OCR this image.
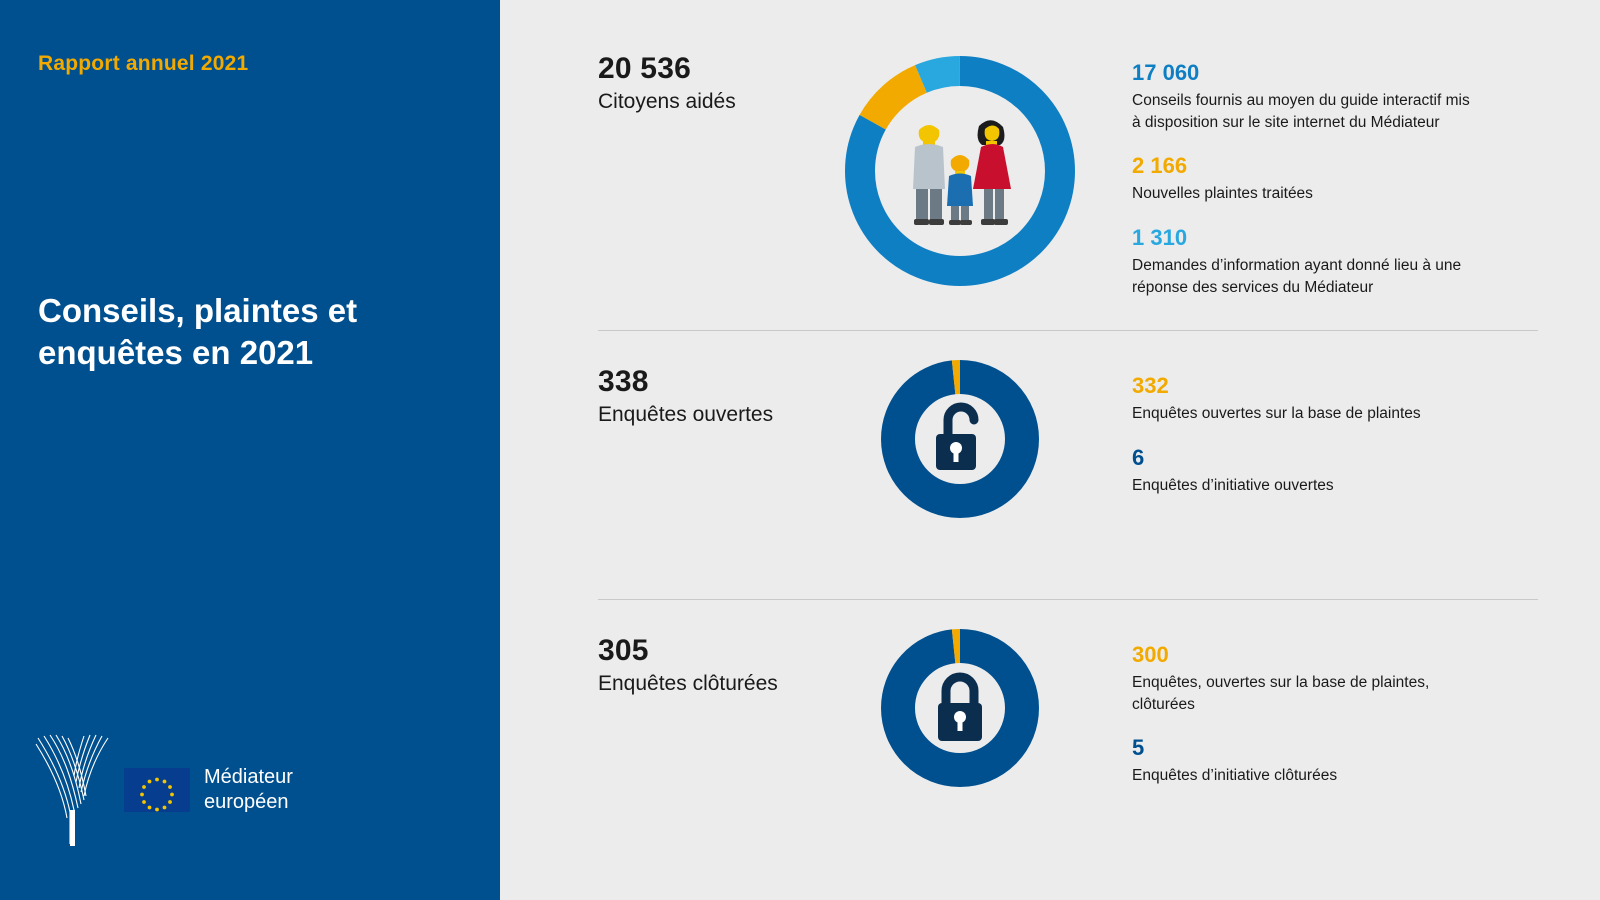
Rapport annuel 2021
Conseils, plaintes et enquêtes en 2021
Médiateur
européen
20 536
Citoyens aidés
17 060
Conseils fournis au moyen du guide interactif mis à disposition sur le site internet du Médiateur
2 166
Nouvelles plaintes traitées
1 310
Demandes d’information ayant donné lieu à une réponse des services du Médiateur
338
Enquêtes ouvertes
332
Enquêtes ouvertes sur la base de plaintes
6
Enquêtes d’initiative ouvertes
305
Enquêtes clôturées
300
Enquêtes, ouvertes sur la base de plaintes, clôturées
5
Enquêtes d’initiative clôturées
